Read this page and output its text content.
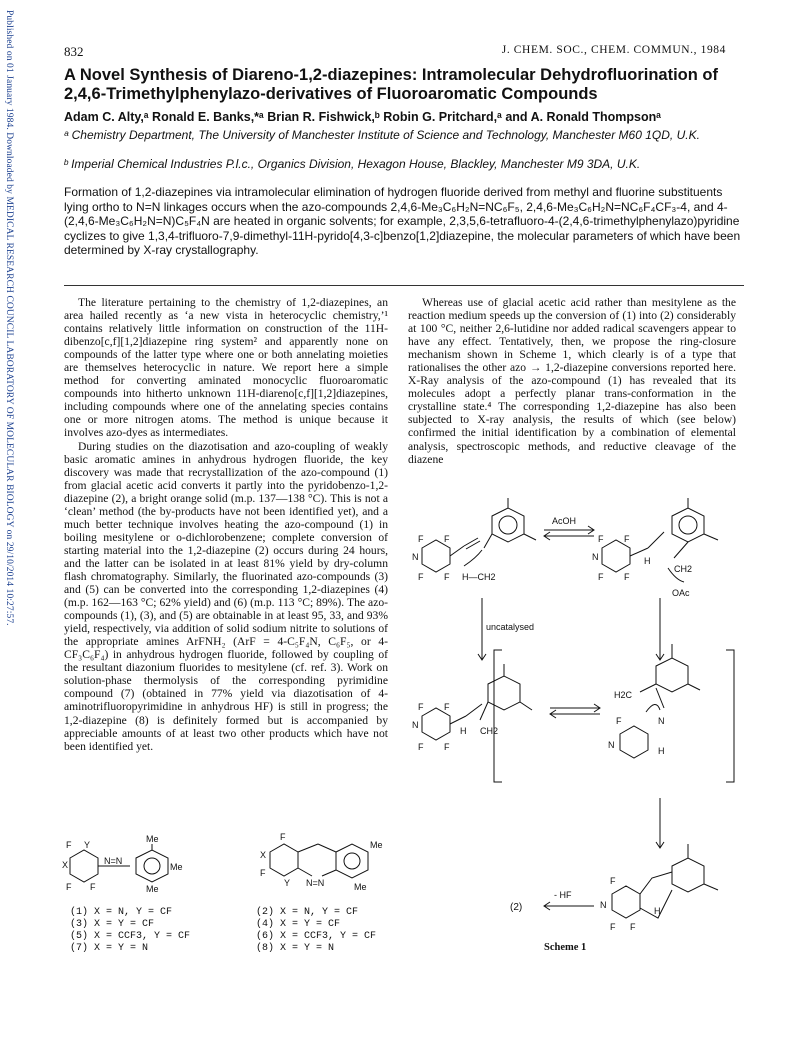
Published on 01 January 1984. Downloaded by MEDICAL RESEARCH COUNCIL LABORATORY OF MOLECULAR BIOLOGY on 29/10/2014 10:27:57.	832	J. CHEM. SOC., CHEM. COMMUN., 1984
A Novel Synthesis of Diareno-1,2-diazepines: Intramolecular Dehydrofluorination of 2,4,6-Trimethylphenylazo-derivatives of Fluoroaromatic Compounds
Adam C. Alty,ᵃ Ronald E. Banks,*ᵃ Brian R. Fishwick,ᵇ Robin G. Pritchard,ᵃ and A. Ronald Thompsonᵃ
ᵃ Chemistry Department, The University of Manchester Institute of Science and Technology, Manchester M60 1QD, U.K.
ᵇ Imperial Chemical Industries P.l.c., Organics Division, Hexagon House, Blackley, Manchester M9 3DA, U.K.
Formation of 1,2-diazepines via intramolecular elimination of hydrogen fluoride derived from methyl and fluorine substituents lying ortho to N=N linkages occurs when the azo-compounds 2,4,6-Me₃C₆H₂N=NC₆F₅, 2,4,6-Me₃C₆H₂N=NC₆F₄CF₃-4, and 4-(2,4,6-Me₃C₆H₂N=N)C₅F₄N are heated in organic solvents; for example, 2,3,5,6-tetrafluoro-4-(2,4,6-trimethylphenylazo)pyridine cyclizes to give 1,3,4-trifluoro-7,9-dimethyl-11H-pyrido[4,3-c]benzo[1,2]diazepine, the molecular parameters of which have been determined by X-ray crystallography.

The literature pertaining to the chemistry of 1,2-diazepines, an area hailed recently as ‘a new vista in heterocyclic chemistry,’¹ contains relatively little information on construction of the 11H-dibenzo[c,f][1,2]diazepine ring system² and apparently none on compounds of the latter type where one or both annelating moieties are themselves heterocyclic in nature. We report here a simple method for converting aminated monocyclic fluoroaromatic compounds into hitherto unknown 11H-diareno[c,f][1,2]diazepines, including compounds where one of the annelating species contains one or more nitrogen atoms. The method is unique because it involves azo-dyes as intermediates.

During studies on the diazotisation and azo-coupling of weakly basic aromatic amines in anhydrous hydrogen fluoride, the key discovery was made that recrystallization of the azo-compound (1) from glacial acetic acid converts it partly into the pyridobenzo-1,2-diazepine (2), a bright orange solid (m.p. 137—138 °C). This is not a ‘clean’ method (the by-products have not been identified yet), and a much better technique involves heating the azo-compound (1) in boiling mesitylene or o-dichlorobenzene; complete conversion of starting material into the 1,2-diazepine (2) occurs during 24 hours, and the latter can be isolated in at least 81% yield by dry-column flash chromatography. Similarly, the fluorinated azo-compounds (3) and (5) can be converted into the corresponding 1,2-diazepines (4) (m.p. 162—163 °C; 62% yield) and (6) (m.p. 113 °C; 89%). The azo-compounds (1), (3), and (5) are obtainable in at least 95, 33, and 93% yield, respectively, via addition of solid sodium nitrite to solutions of the appropriate amines ArFNH₂ (ArF = 4-C₅F₄N, C₆F₅, or 4-CF₃C₆F₄) in anhydrous hydrogen fluoride, followed by coupling of the resultant diazonium fluorides to mesitylene (cf. ref. 3). Work on solution-phase thermolysis of the corresponding pyrimidine compound (7) (obtained in 77% yield via diazotisation of 4-aminotrifluoropyrimidine in anhydrous HF) is still in progress; the 1,2-diazepine (8) is definitely formed but is accompanied by appreciable amounts of at least two other products which have not been identified yet.

Whereas use of glacial acetic acid rather than mesitylene as the reaction medium speeds up the conversion of (1) into (2) considerably at 100 °C, neither 2,6-lutidine nor added radical scavengers appear to have any effect. Tentatively, then, we propose the ring-closure mechanism shown in Scheme 1, which clearly is of a type that rationalises the other azo → 1,2-diazepine conversions reported here. X-Ray analysis of the azo-compound (1) has revealed that its molecules adopt a perfectly planar trans-conformation in the crystalline state.⁴ The corresponding 1,2-diazepine has also been subjected to X-ray analysis, the results of which (see below) confirmed the initial identification by a combination of elemental analysis, spectroscopic methods, and reductive cleavage of the diazene

F F
N
F F H—CH2
AcOH
F F
N
F F
H
CH2
OAc
uncatalysed
F F
N
F F
H CH2
H2C
F	N
N
H
F
N
F F
H
- HF
(2)
Scheme 1
F Y
X
F F
N=N
Me
Me
Me
F
X
F
Y N=N
Me
Me
(1) X = N, Y = CF
(3) X = Y = CF
(5) X = CCF3, Y = CF
(7) X = Y = N
(2) X = N, Y = CF
(4) X = Y = CF
(6) X = CCF3, Y = CF
(8) X = Y = N
